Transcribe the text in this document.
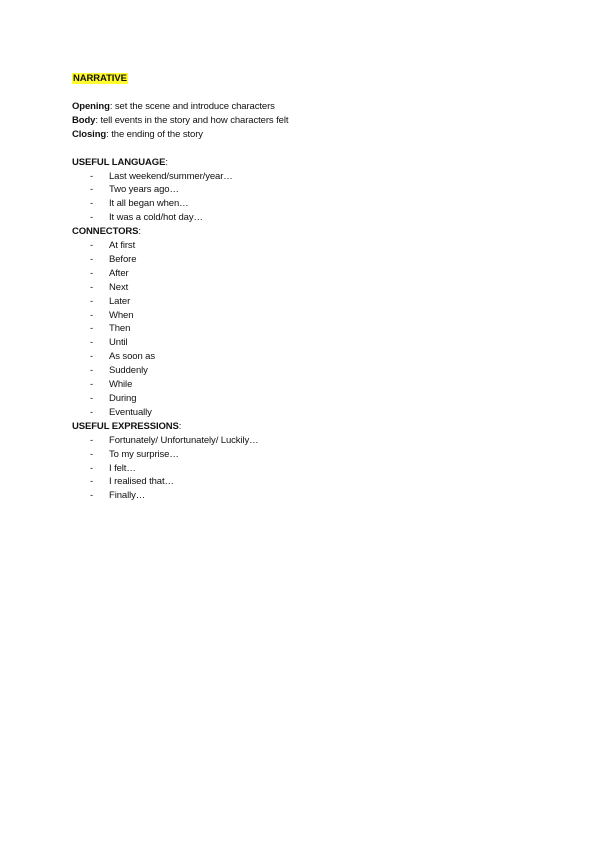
NARRATIVE

Opening: set the scene and introduce characters

Body: tell events in the story and how characters felt

Closing: the ending of the story

USEFUL LANGUAGE:

- Last weekend/summer/year…
- Two years ago…
- It all began when…
- It was a cold/hot day…

CONNECTORS:

- At first
- Before
- After
- Next
- Later
- When
- Then
- Until
- As soon as
- Suddenly
- While
- During
- Eventually

USEFUL EXPRESSIONS:

- Fortunately/ Unfortunately/ Luckily…
- To my surprise…
- I felt…
- I realised that…
- Finally…
